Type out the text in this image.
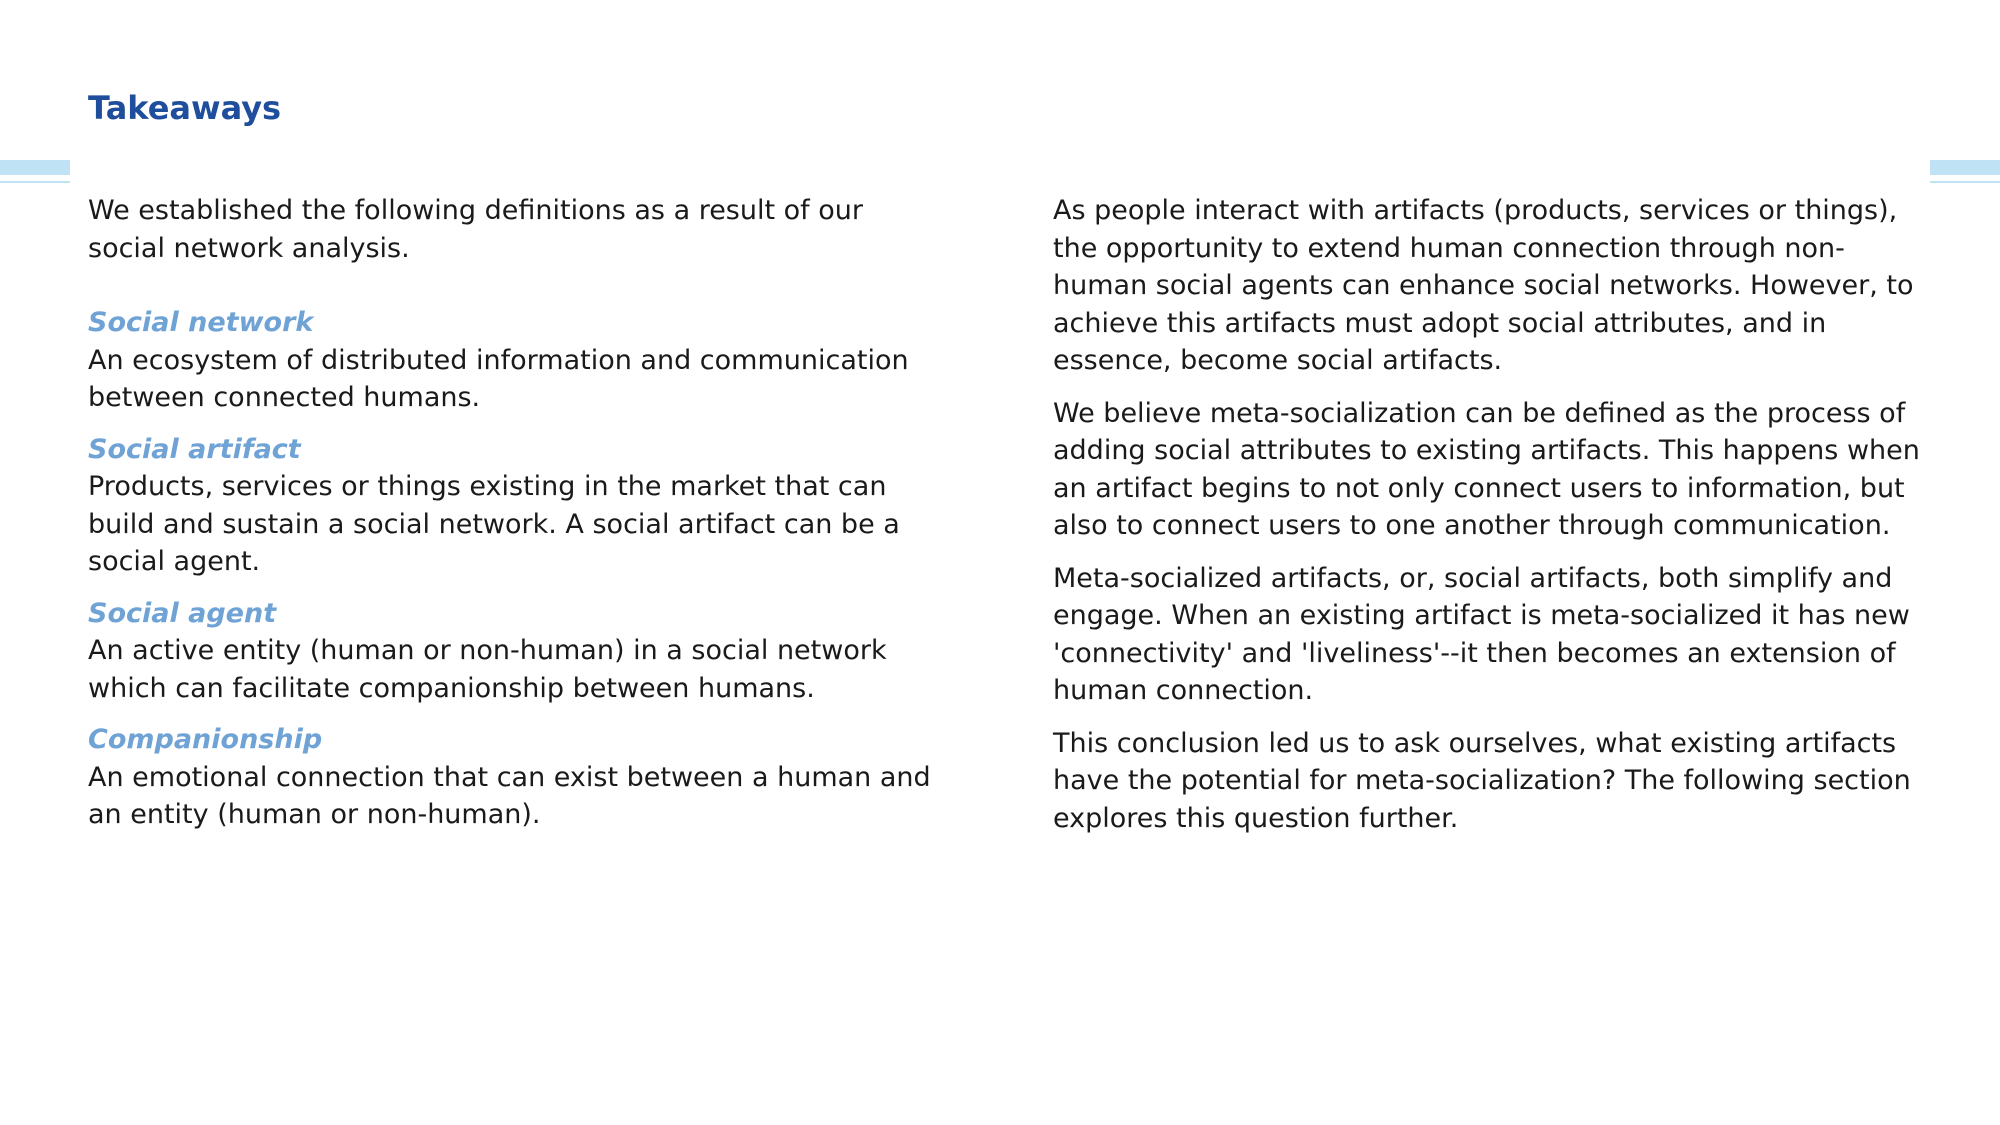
Takeaways

We established the following definitions as a result of our social network analysis.

Social network

An ecosystem of distributed information and communication between connected humans.

Social artifact

Products, services or things existing in the market that can build and sustain a social network. A social artifact can be a social agent.

Social agent

An active entity (human or non-human) in a social network which can facilitate companionship between humans.

Companionship

An emotional connection that can exist between a human and an entity (human or non-human).

As people interact with artifacts (products, services or things), the opportunity to extend human connection through non-human social agents can enhance social networks. However, to achieve this artifacts must adopt social attributes, and in essence, become social artifacts.

We believe meta-socialization can be defined as the process of adding social attributes to existing artifacts. This happens when an artifact begins to not only connect users to information, but also to connect users to one another through communication.

Meta-socialized artifacts, or, social artifacts, both simplify and engage. When an existing artifact is meta-socialized it has new 'connectivity' and 'liveliness'--it then becomes an extension of human connection.

This conclusion led us to ask ourselves, what existing artifacts have the potential for meta-socialization? The following section explores this question further.
